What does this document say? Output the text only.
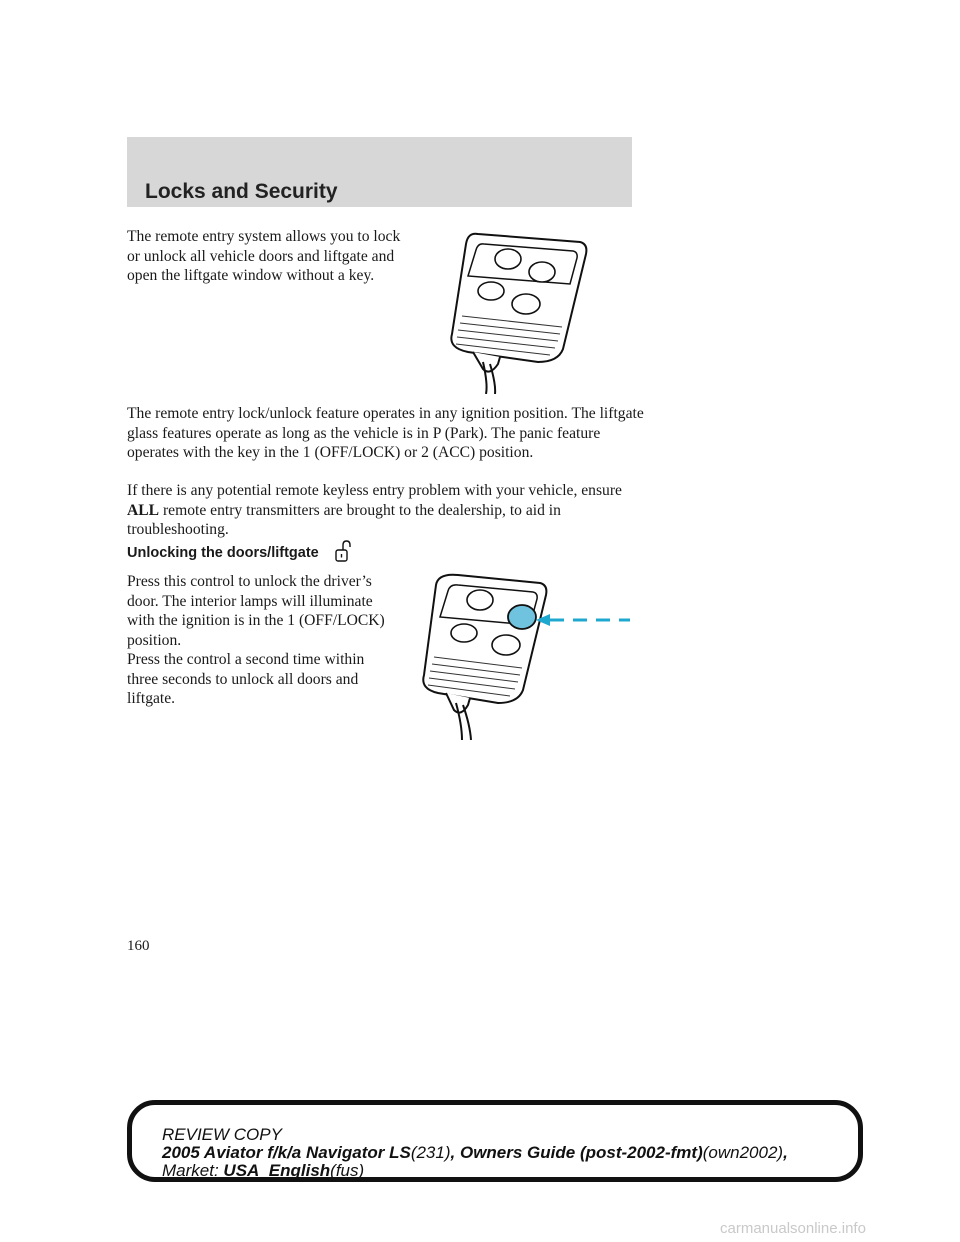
Locks and Security

The remote entry system allows you to lock or unlock all vehicle doors and liftgate and open the liftgate window without a key.

The remote entry lock/unlock feature operates in any ignition position. The liftgate glass features operate as long as the vehicle is in P (Park). The panic feature operates with the key in the 1 (OFF/LOCK) or 2 (ACC) position.

If there is any potential remote keyless entry problem with your vehicle, ensure ALL remote entry transmitters are brought to the dealership, to aid in troubleshooting.

Unlocking the doors/liftgate

Press this control to unlock the driver’s door. The interior lamps will illuminate with the ignition is in the 1 (OFF/LOCK) position.

Press the control a second time within three seconds to unlock all doors and liftgate.

160

REVIEW COPY
2005 Aviator f/k/a Navigator LS(231), Owners Guide (post-2002-fmt)(own2002),
Market: USA_English(fus)
carmanualsonline.info
